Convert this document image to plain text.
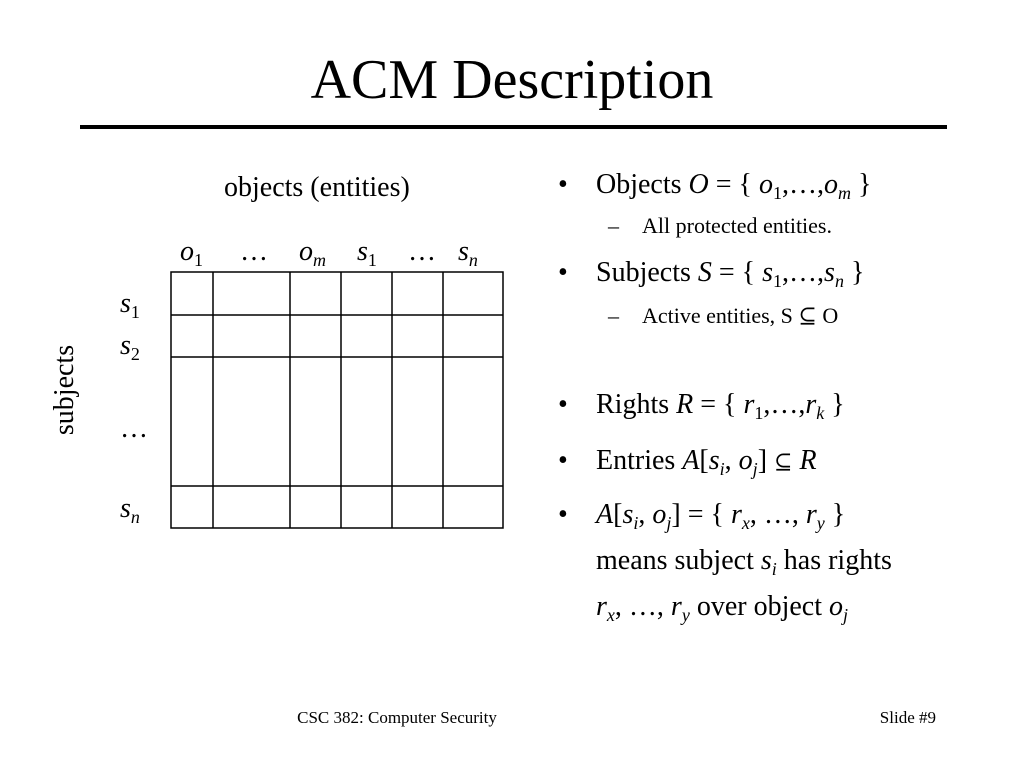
ACM Description
objects (entities)
$o_1$ … $o_m$ $s_1$ … $s_n$
$s_1$
$s_2$
…
$s_n$
subjects
• Objects O = { $o_1,\dots,o_m$ }
– All protected entities.
• Subjects S = { $s_1,\dots,s_n$ }
– Active entities, S ⊆ O
• Rights R = { $r_1,\dots,r_k$ }
• Entries $A[s_i$, $o_j$] ⊆ R
• $A[s_i$, $o_j$] = { $r_x$, …, $r_y$ }
means subject $s_i$ has rights
$r_x$, …, $r_y$ over object $o_j$
CSC 382: Computer Security	Slide #9
